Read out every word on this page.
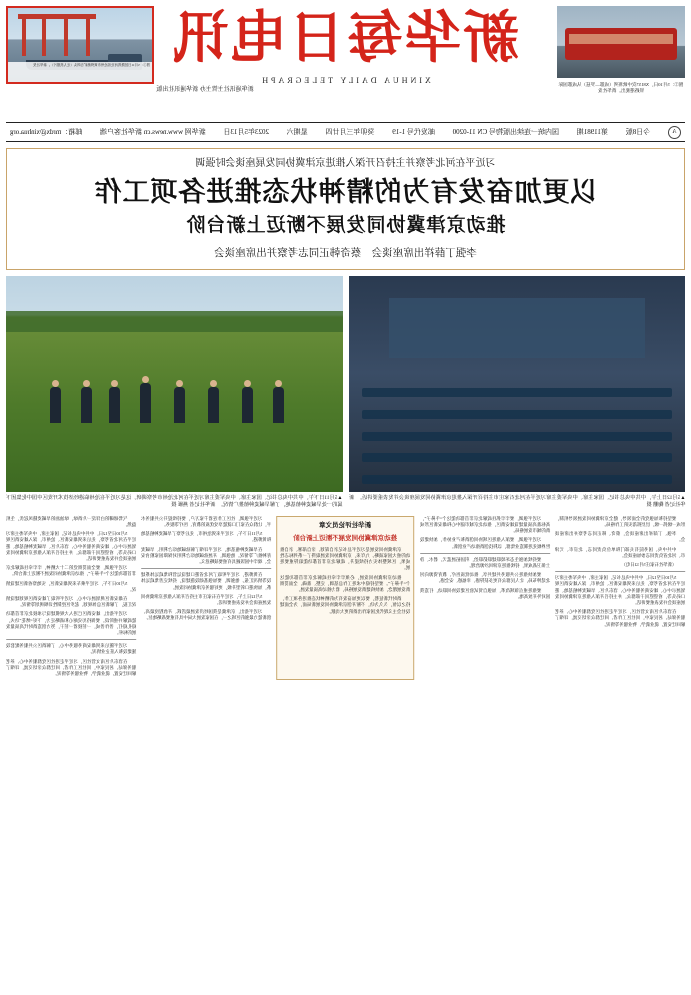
图①：5月11日拍摄的河北省沧州市黄骅港矿石码头（无人机照片）。新华社发 新华每日电讯
XINHUA DAILY TELEGRAPH
新华通讯社主管主办 新华通讯社出版
图②：5月10日，X8157次中欧班列（成都—罗兹）从成都国际铁路港驶出。新华社发
A
今日8版
第11981期
国内统一连续出版物号 CN 11-0200
邮发代号 1-19
癸卯年三月廿四
星期六
2023年5月13日
新华网 www.news.cn 新华社客户端
邮箱：mrdx@xinhua.org
习近平在河北考察并主持召开深入推进京津冀协同发展座谈会时强调
以更加奋发有为的精神状态推进各项工作
推动京津冀协同发展不断迈上新台阶
李强丁薛祥出席座谈会　蔡奇韩正同志考察并出席座谈会
▲5月11日下午，中共中央总书记、国家主席、中央军委主席习近平在河北沧州市考察调研。这是习近平在沧州临港经济技术开发区中国中化集团下属的一处旱碱麦种植基地，了解旱碱麦种植推广情况。　新华社记者 燕雁 摄
▲5月12日上午，中共中央总书记、国家主席、中央军委主席习近平在河北石家庄市主持召开深入推进京津冀协同发展座谈会并发表重要讲话。　新华社记者 鞠鹏 摄

气势磅礴的白洋淀一片新绿，绿油油的旱碱麦随风起伏，生机盎然。

5月10日至12日，中共中央总书记、国家主席、中央军委主席习近平在河北省考察，先后来到雄安新区、沧州市，深入雄安新区规划展示中心、雄安商务服务中心、容东片区、旱碱麦种植基地、港口码头等，看望慰问干部群众，并主持召开深入推进京津冀协同发展座谈会并发表重要讲话。

习近平强调，要全面贯彻党的二十大精神，牢牢牵住疏解北京非首都功能这个“牛鼻子”，推动京津冀协同发展不断迈上新台阶。

5月10日下午，习近平乘车来到雄安新区，实地察看新区建设情况。

在雄安新区规划展示中心，习近平听取了雄安新区规划建设情况汇报，了解新区总体规划、起步区控制性详细规划等情况。

习近平指出，雄安新区已进入大规模建设与承接北京非首都功能疏解并重阶段。要保持历史耐心和战略定力，下好“绣花”功夫，稳扎稳打，善作善成，一茬接着一茬干，努力创造新时代高质量发展的标杆。

习近平随后来到雄安商务服务中心，了解新区公共服务配套设施建设和入驻企业情况。

在容东片区南文营社区，习近平走进社区党群服务中心、养老服务驿站、居民家中，同社区工作者、回迁群众亲切交流，详细了解回迁安置、就业就学、物业服务等情况。

习近平强调，社区工作连着千家万户，要持续提升公共服务水平，让群众在家门口就能享受优质的教育、医疗等服务。

5月11日下午，习近平来到沧州市，先后考察了旱碱麦种植基地和黄骅港。

在旱碱麦种植基地，习近平详细了解盐碱地综合利用、旱碱麦育种推广等情况。他强调，开展盐碱地综合利用对保障国家粮食安全、端牢中国饭碗具有重要战略意义。

在黄骅港，习近平听取了河北省港口建设运营和集疏运体系建设等情况汇报。他强调，要加强基础设施建设，持续完善集疏运体系，加快港口转型升级，更好服务京津冀协同发展。

5月12日上午，习近平在石家庄市主持召开深入推进京津冀协同发展座谈会并发表重要讲话。

习近平指出，京津冀是我国经济发展最活跃、开放程度最高、创新能力最强的区域之一，在国家发展大局中具有重要战略地位。

新华社评论员文章
推动京津冀协同发展不断迈上新台阶

京津冀协同发展是习近平总书记亲自谋划、亲自部署、亲自推动的重大国家战略。九年来，京津冀协同发展取得了一系列标志性成果，区域整体实力持续提升，疏解北京非首都功能取得重要进展。

推动京津冀协同发展，必须牢牢牵住疏解北京非首都功能这个“牛鼻子”。要坚持稳中求进工作总基调，完整、准确、全面贯彻新发展理念，加快构建新发展格局，着力推动高质量发展。

新时代新征程，要以更加奋发有为的精神状态推进各项工作，持之以恒，久久为功，不断开创京津冀协同发展新局面，为全面建设社会主义现代化国家作出新的更大贡献。

习近平强调，要牢牢抓住疏解北京非首都功能这个“牛鼻子”，高标准高质量建设雄安新区，推动北京城市副中心和雄安新区形成新的城市发展格局。

习近平强调，要深入推进区域协同创新和产业协作，加快建设世界级先进制造业集群，以科技创新推动产业创新。

要持续加强生态环境联建联防联治，巩固拓展蓝天、碧水、净土保卫战成果，持续推进京津风沙源治理。

要加快推进公共服务共建共享，推动优质医疗、教育资源向河北延伸布局，让人民群众有更多获得感、幸福感、安全感。

要推进重点领域改革，加强自贸试验区建设协同联动，打造我国对外开放高地。

要坚持和加强党的全面领导，健全京津冀协同发展领导机制，形成一级抓一级、层层抓落实的工作格局。

李强、丁薛祥出席座谈会，蔡奇、韩正同志考察并出席座谈会。

中共中央、国务院有关部门和单位负责同志，北京市、天津市、河北省负责同志参加座谈会。

（新华社石家庄5月12日电）

5月10日至12日，中共中央总书记、国家主席、中央军委主席习近平在河北省考察，先后来到雄安新区、沧州市，深入雄安新区规划展示中心、雄安商务服务中心、容东片区、旱碱麦种植基地、港口码头等，看望慰问干部群众，并主持召开深入推进京津冀协同发展座谈会并发表重要讲话。

在容东片区南文营社区，习近平走进社区党群服务中心、养老服务驿站、居民家中，同社区工作者、回迁群众亲切交流，详细了解回迁安置、就业就学、物业服务等情况。
